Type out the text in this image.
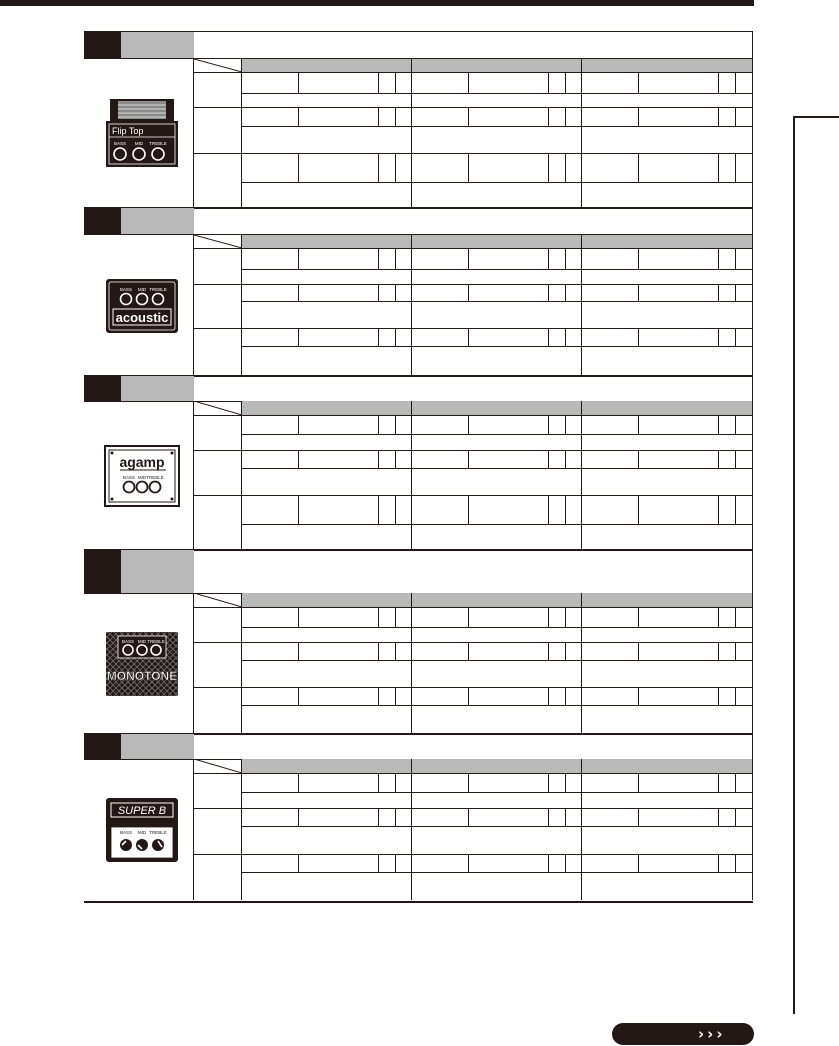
Flip Top
BASS MID TREBLE
BASS MID TREBLE
acoustic
agamp
BASS MID TREBLE
BASS MID TREBLE
MONOTONE
SUPER B
BASS MID TREBLE
›››
